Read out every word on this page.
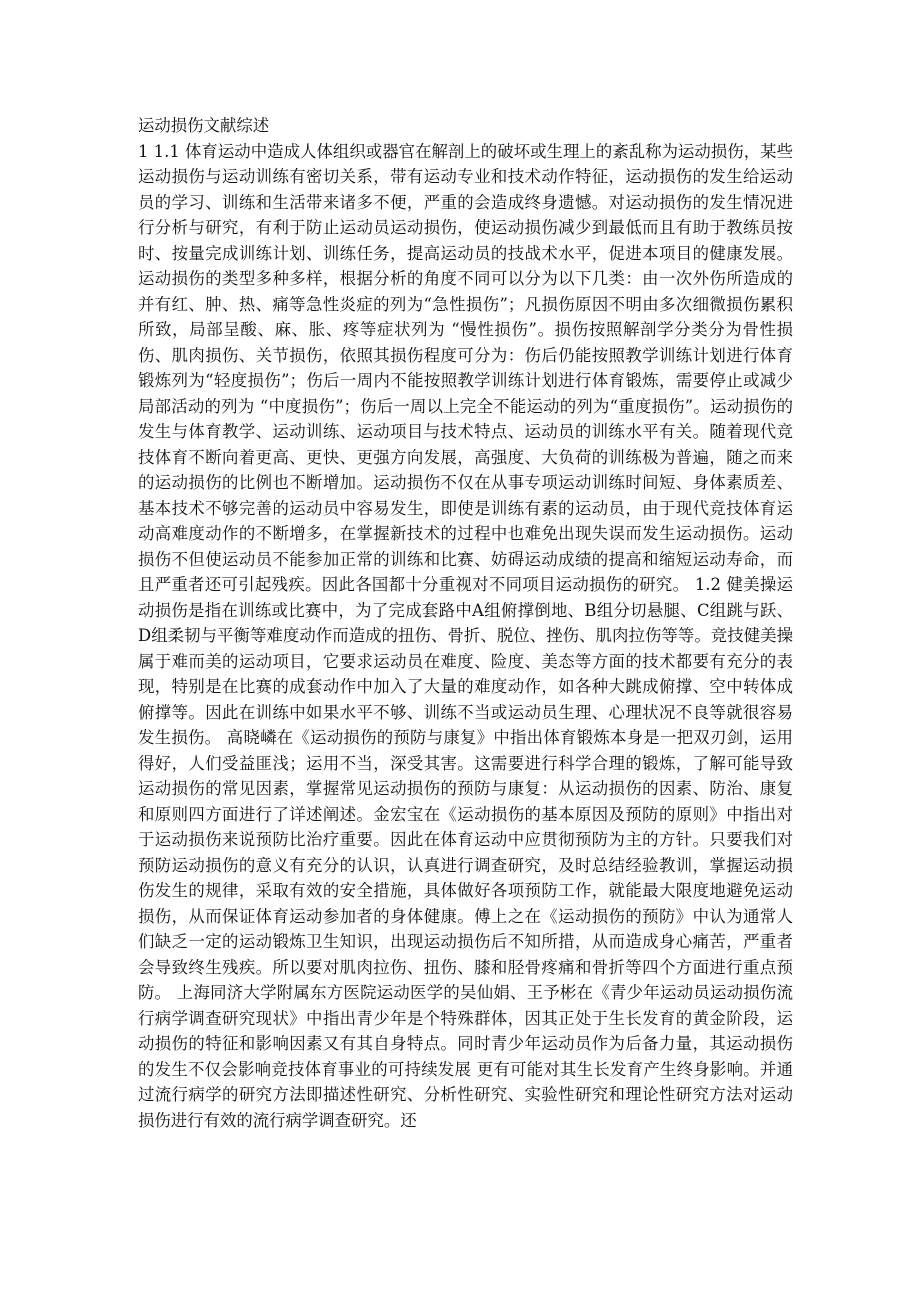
运动损伤文献综述

1 1.1 体育运动中造成人体组织或器官在解剖上的破坏或生理上的紊乱称为运动损伤，某些运动损伤与运动训练有密切关系，带有运动专业和技术动作特征，运动损伤的发生给运动员的学习、训练和生活带来诸多不便，严重的会造成终身遗憾。对运动损伤的发生情况进行分析与研究，有利于防止运动员运动损伤，使运动损伤减少到最低而且有助于教练员按时、按量完成训练计划、训练任务，提高运动员的技战术水平，促进本项目的健康发展。运动损伤的类型多种多样，根据分析的角度不同可以分为以下几类：由一次外伤所造成的并有红、肿、热、痛等急性炎症的列为“急性损伤”；凡损伤原因不明由多次细微损伤累积所致，局部呈酸、麻、胀、疼等症状列为 “慢性损伤”。损伤按照解剖学分类分为骨性损伤、肌肉损伤、关节损伤，依照其损伤程度可分为：伤后仍能按照教学训练计划进行体育锻炼列为“轻度损伤”；伤后一周内不能按照教学训练计划进行体育锻炼，需要停止或减少局部活动的列为 “中度损伤”；伤后一周以上完全不能运动的列为“重度损伤”。运动损伤的发生与体育教学、运动训练、运动项目与技术特点、运动员的训练水平有关。随着现代竞技体育不断向着更高、更快、更强方向发展，高强度、大负荷的训练极为普遍，随之而来的运动损伤的比例也不断增加。运动损伤不仅在从事专项运动训练时间短、身体素质差、基本技术不够完善的运动员中容易发生，即使是训练有素的运动员，由于现代竞技体育运动高难度动作的不断增多，在掌握新技术的过程中也难免出现失误而发生运动损伤。运动损伤不但使运动员不能参加正常的训练和比赛、妨碍运动成绩的提高和缩短运动寿命，而且严重者还可引起残疾。因此各国都十分重视对不同项目运动损伤的研究。 1.2 健美操运动损伤是指在训练或比赛中，为了完成套路中A组俯撑倒地、B组分切悬腿、C组跳与跃、D组柔韧与平衡等难度动作而造成的扭伤、骨折、脱位、挫伤、肌肉拉伤等等。竞技健美操属于难而美的运动项目，它要求运动员在难度、险度、美态等方面的技术都要有充分的表现，特别是在比赛的成套动作中加入了大量的难度动作，如各种大跳成俯撑、空中转体成俯撑等。因此在训练中如果水平不够、训练不当或运动员生理、心理状况不良等就很容易发生损伤。 高晓嶙在《运动损伤的预防与康复》中指出体育锻炼本身是一把双刃剑，运用得好，人们受益匪浅；运用不当，深受其害。这需要进行科学合理的锻炼，了解可能导致运动损伤的常见因素，掌握常见运动损伤的预防与康复：从运动损伤的因素、防治、康复和原则四方面进行了详述阐述。金宏宝在《运动损伤的基本原因及预防的原则》中指出对于运动损伤来说预防比治疗重要。因此在体育运动中应贯彻预防为主的方针。只要我们对预防运动损伤的意义有充分的认识，认真进行调查研究，及时总结经验教训，掌握运动损伤发生的规律，采取有效的安全措施，具体做好各项预防工作，就能最大限度地避免运动损伤，从而保证体育运动参加者的身体健康。傅上之在《运动损伤的预防》中认为通常人们缺乏一定的运动锻炼卫生知识，出现运动损伤后不知所措，从而造成身心痛苦，严重者会导致终生残疾。所以要对肌肉拉伤、扭伤、膝和胫骨疼痛和骨折等四个方面进行重点预防。 上海同济大学附属东方医院运动医学的吴仙娟、王予彬在《青少年运动员运动损伤流行病学调查研究现状》中指出青少年是个特殊群体，因其正处于生长发育的黄金阶段，运动损伤的特征和影响因素又有其自身特点。同时青少年运动员作为后备力量，其运动损伤的发生不仅会影响竞技体育事业的可持续发展 更有可能对其生长发育产生终身影响。并通过流行病学的研究方法即描述性研究、分析性研究、实验性研究和理论性研究方法对运动损伤进行有效的流行病学调查研究。还
